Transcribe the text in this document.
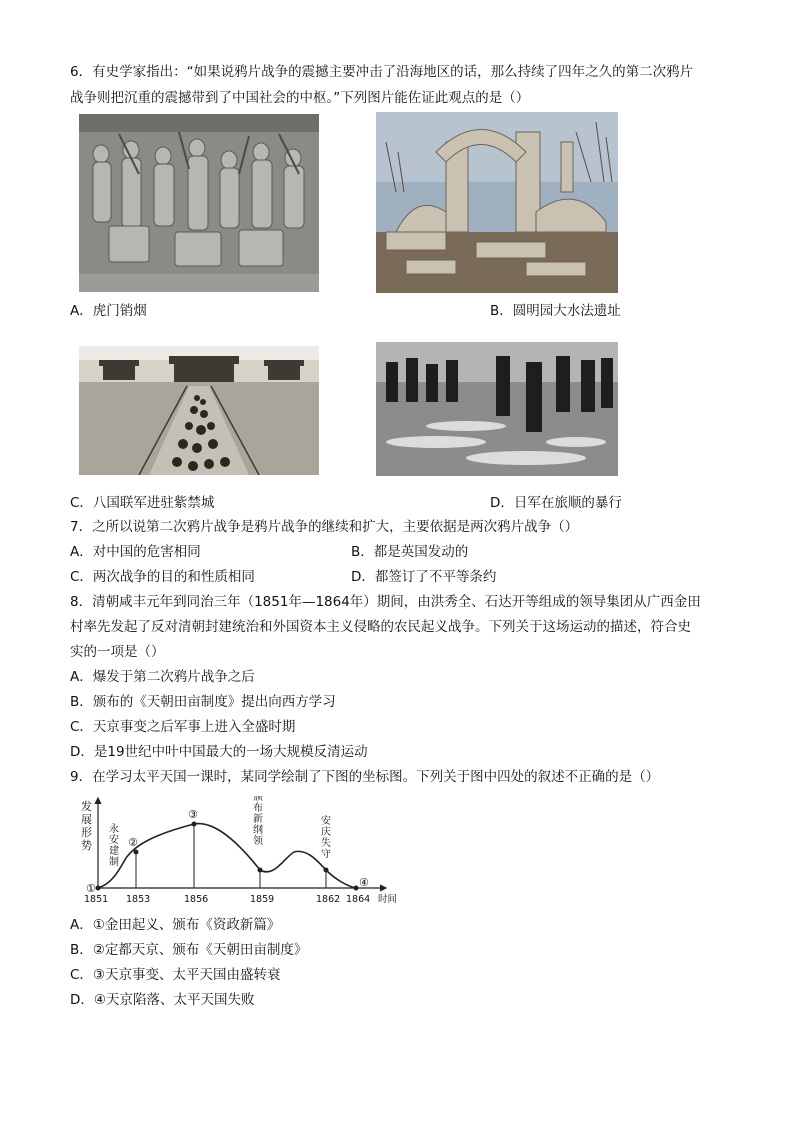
6．有史学家指出：“如果说鸦片战争的震撼主要冲击了沿海地区的话，那么持续了四年之久的第二次鸦片
战争则把沉重的震撼带到了中国社会的中枢。”下列图片能佐证此观点的是（）
A．虎门销烟	B．圆明园大水法遗址
C．八国联军进驻紫禁城	D．日军在旅顺的暴行
7．之所以说第二次鸦片战争是鸦片战争的继续和扩大，主要依据是两次鸦片战争（）
A．对中国的危害相同	B．都是英国发动的
C．两次战争的目的和性质相同	D．都签订了不平等条约
8．清朝咸丰元年到同治三年（1851年—1864年）期间，由洪秀全、石达开等组成的领导集团从广西金田
村率先发起了反对清朝封建统治和外国资本主义侵略的农民起义战争。下列关于这场运动的描述，符合史
实的一项是（）
A．爆发于第二次鸦片战争之后
B．颁布的《天朝田亩制度》提出向西方学习
C．天京事变之后军事上进入全盛时期
D．是19世纪中叶中国最大的一场大规模反清运动
9．在学习太平天国一课时，某同学绘制了下图的坐标图。下列关于图中四处的叙述不正确的是（）
发
展
形
势
永
安
建
制
颁
布
新
纲
领
安
庆
失
守
①
②
③
④
1851 1853	1856	1859	1862 1864 时间
A．①金田起义、颁布《资政新篇》
B．②定都天京、颁布《天朝田亩制度》
C．③天京事变、太平天国由盛转衰
D．④天京陷落、太平天国失败
